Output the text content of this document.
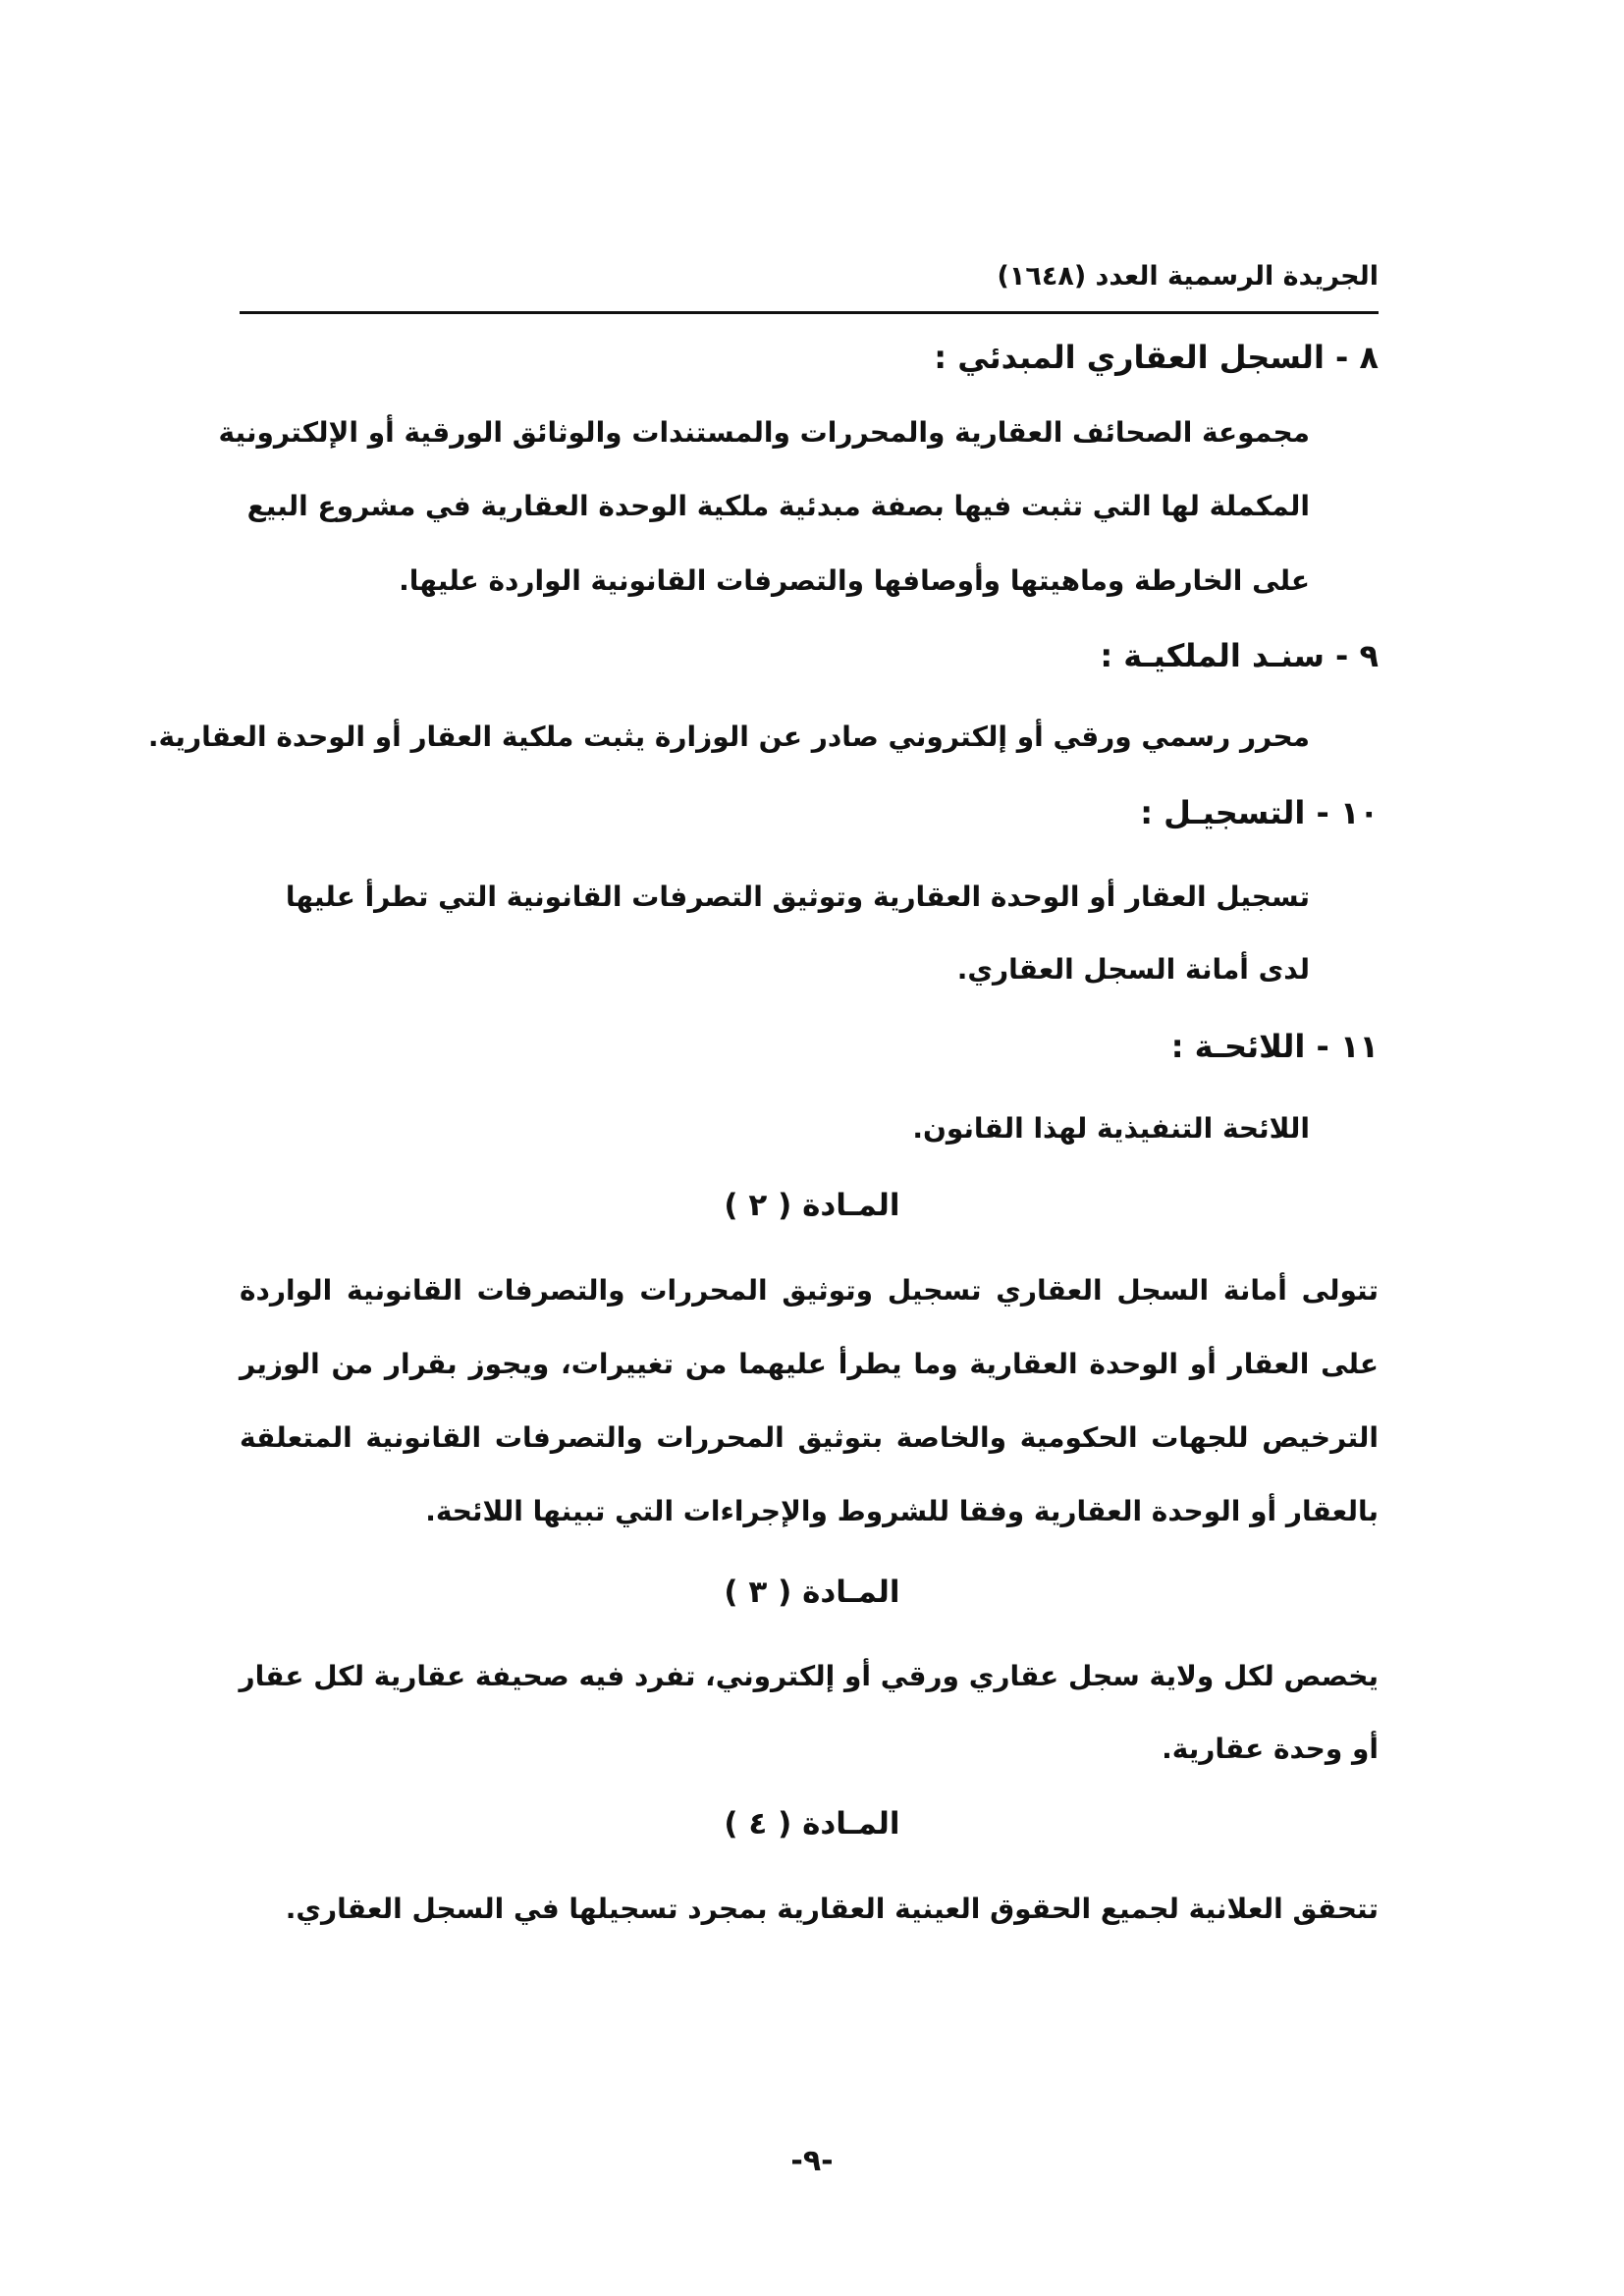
الجريدة الرسمية العدد (١٦٤٨)
٨ - السجل العقاري المبدئي :
مجموعة الصحائف العقارية والمحررات والمستندات والوثائق الورقية أو الإلكترونية
المكملة لها التي تثبت فيها بصفة مبدئية ملكية الوحدة العقارية في مشروع البيع
على الخارطة وماهيتها وأوصافها والتصرفات القانونية الواردة عليها.
٩ - سنـد الملكيـة :
محرر رسمي ورقي أو إلكتروني صادر عن الوزارة يثبت ملكية العقار أو الوحدة العقارية.
١٠ - التسجيـل :
تسجيل العقار أو الوحدة العقارية وتوثيق التصرفات القانونية التي تطرأ عليها
لدى أمانة السجل العقاري.
١١ - اللائحـة :
اللائحة التنفيذية لهذا القانون.
المـادة ( ٢ )
تتولى أمانة السجل العقاري تسجيل وتوثيق المحررات والتصرفات القانونية الواردة
على العقار أو الوحدة العقارية وما يطرأ عليهما من تغييرات، ويجوز بقرار من الوزير
الترخيص للجهات الحكومية والخاصة بتوثيق المحررات والتصرفات القانونية المتعلقة
بالعقار أو الوحدة العقارية وفقا للشروط والإجراءات التي تبينها اللائحة.
المـادة ( ٣ )
يخصص لكل ولاية سجل عقاري ورقي أو إلكتروني، تفرد فيه صحيفة عقارية لكل عقار
أو وحدة عقارية.
المـادة ( ٤ )
تتحقق العلانية لجميع الحقوق العينية العقارية بمجرد تسجيلها في السجل العقاري.
-٩-
